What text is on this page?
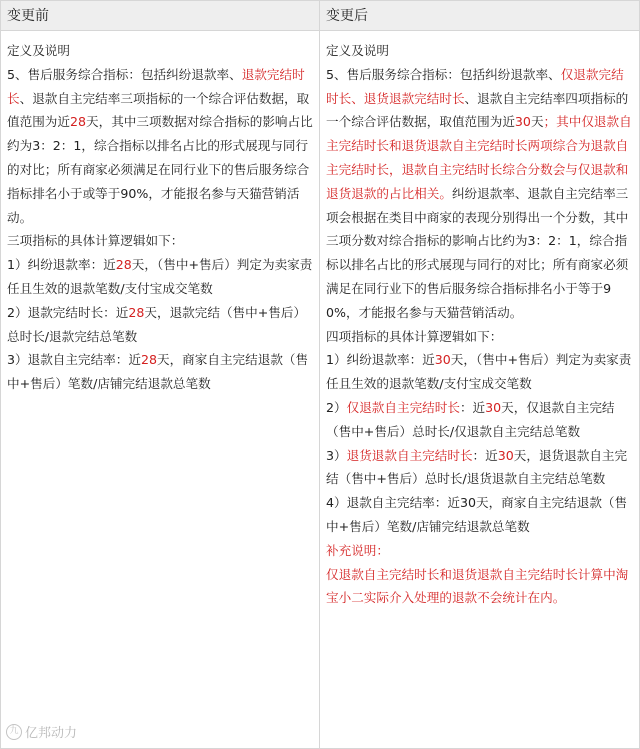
变更前	变更后

定义及说明

5、售后服务综合指标：包括纠纷退款率、退款完结时长、退款自主完结率三项指标的一个综合评估数据，取值范围为近28天，其中三项数据对综合指标的影响占比约为3：2：1，综合指标以排名占比的形式展现与同行的对比；所有商家必须满足在同行业下的售后服务综合指标排名小于或等于90%，才能报名参与天猫营销活动。

三项指标的具体计算逻辑如下：

1）纠纷退款率：近28天，（售中+售后）判定为卖家责任且生效的退款笔数/支付宝成交笔数

2）退款完结时长：近28天，退款完结（售中+售后）总时长/退款完结总笔数

3）退款自主完结率：近28天，商家自主完结退款（售中+售后）笔数/店铺完结退款总笔数

定义及说明

5、售后服务综合指标：包括纠纷退款率、仅退款完结时长、退货退款完结时长、退款自主完结率四项指标的一个综合评估数据，取值范围为近30天；其中仅退款自主完结时长和退货退款自主完结时长两项综合为退款自主完结时长，退款自主完结时长综合分数会与仅退款和退货退款的占比相关。纠纷退款率、退款自主完结率三项会根据在类目中商家的表现分别得出一个分数，其中三项分数对综合指标的影响占比约为3：2：1，综合指标以排名占比的形式展现与同行的对比；所有商家必须满足在同行业下的售后服务综合指标排名小于等于90%，才能报名参与天猫营销活动。

四项指标的具体计算逻辑如下：

1）纠纷退款率：近30天，（售中+售后）判定为卖家责任且生效的退款笔数/支付宝成交笔数

2）仅退款自主完结时长：近30天，仅退款自主完结（售中+售后）总时长/仅退款自主完结总笔数

3）退货退款自主完结时长：近30天，退货退款自主完结（售中+售后）总时长/退货退款自主完结总笔数

4）退款自主完结率：近30天，商家自主完结退款（售中+售后）笔数/店铺完结退款总笔数

补充说明：

仅退款自主完结时长和退货退款自主完结时长计算中淘宝小二实际介入处理的退款不会统计在内。

九 亿邦动力
